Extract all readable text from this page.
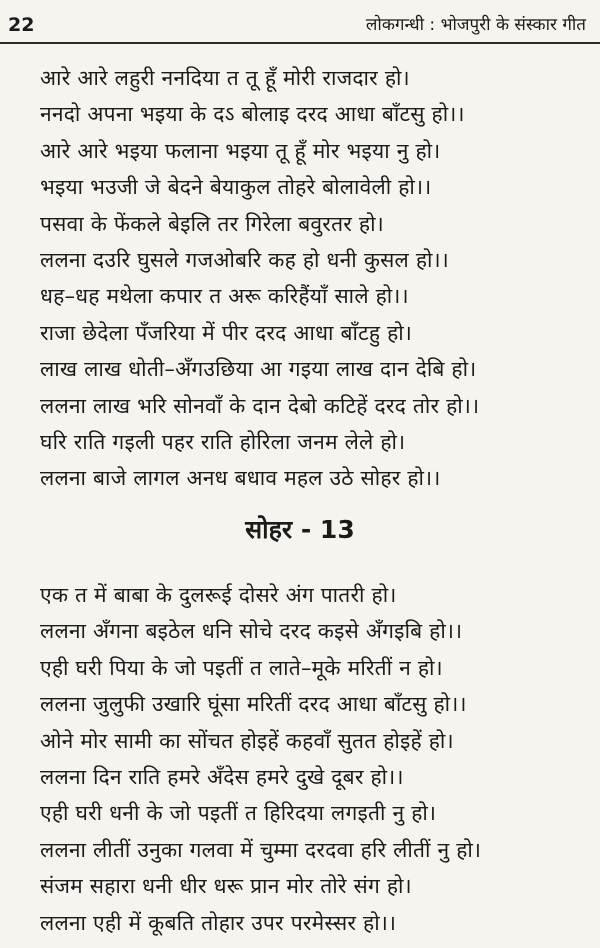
22	लोकगन्धी : भोजपुरी के संस्कार गीत
आरे आरे लहुरी ननदिया त तू हूँ मोरी राजदार हो।
ननदो अपना भइया के दऽ बोलाइ दरद आधा बाँटसु हो।।
आरे आरे भइया फलाना भइया तू हूँ मोर भइया नु हो।
भइया भउजी जे बेदने बेयाकुल तोहरे बोलावेली हो।।
पसवा के फेंकले बेइलि तर गिरेला बवुरतर हो।
ललना दउरि घुसले गजओबरि कह हो धनी कुसल हो।।
धह–धह मथेला कपार त अरू करिहैंयाँ साले हो।।
राजा छेदेला पँजरिया में पीर दरद आधा बाँटहु हो।
लाख लाख धोती–अँगउछिया आ गइया लाख दान देबि हो।
ललना लाख भरि सोनवाँ के दान देबो कटिहें दरद तोर हो।।
घरि राति गइली पहर राति होरिला जनम लेले हो।
ललना बाजे लागल अनध बधाव महल उठे सोहर हो।।
सोहर - 13
एक त में बाबा के दुलरूई दोसरे अंग पातरी हो।
ललना अँगना बइठेल धनि सोचे दरद कइसे अँगइबि हो।।
एही घरी पिया के जो पइतीं त लाते–मूके मरितीं न हो।
ललना जुलुफी उखारि घूंसा मरितीं दरद आधा बाँटसु हो।।
ओने मोर सामी का सोंचत होइहें कहवाँ सुतत होइहें हो।
ललना दिन राति हमरे अँदेस हमरे दुखे दूबर हो।।
एही घरी धनी के जो पइतीं त हिरिदया लगइती नु हो।
ललना लीतीं उनुका गलवा में चुम्मा दरदवा हरि लीतीं नु हो।
संजम सहारा धनी धीर धरू प्रान मोर तोरे संग हो।
ललना एही में कूबति तोहार उपर परमेस्सर हो।।
